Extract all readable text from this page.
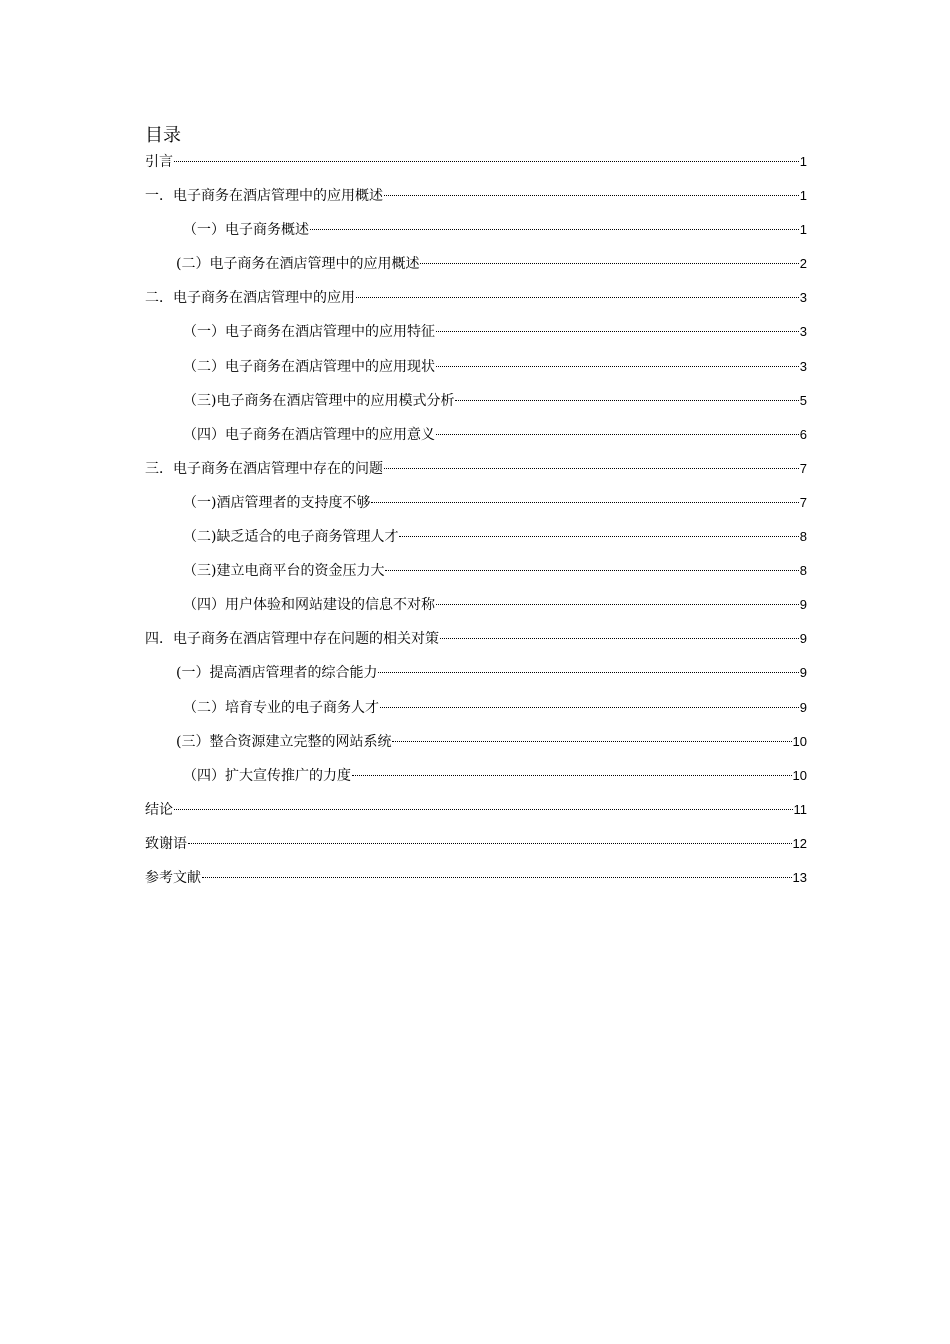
目录
引言	1
一．电子商务在酒店管理中的应用概述	1
（一）电子商务概述	1
(二）电子商务在酒店管理中的应用概述	2
二．电子商务在酒店管理中的应用	3
（一）电子商务在酒店管理中的应用特征	3
（二）电子商务在酒店管理中的应用现状	3
（三)电子商务在酒店管理中的应用模式分析	5
（四）电子商务在酒店管理中的应用意义	6
三．电子商务在酒店管理中存在的问题	7
（一)酒店管理者的支持度不够	7
（二)缺乏适合的电子商务管理人才	8
（三)建立电商平台的资金压力大	8
（四）用户体验和网站建设的信息不对称	9
四．电子商务在酒店管理中存在问题的相关对策	9
(一）提高酒店管理者的综合能力	9
（二）培育专业的电子商务人才	9
(三）整合资源建立完整的网站系统	10
（四）扩大宣传推广的力度	10
结论	11
致谢语	12
参考文献	13
